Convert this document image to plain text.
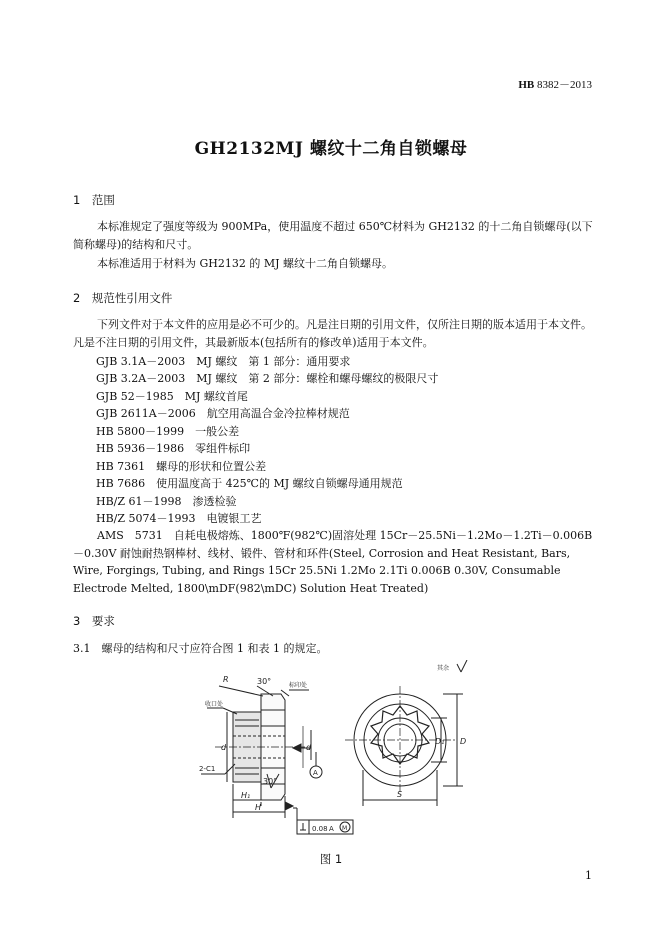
HB 8382－2013
GH2132MJ 螺纹十二角自锁螺母
1　范围
本标准规定了强度等级为 900MPa，使用温度不超过 650℃材料为 GH2132 的十二角自锁螺母(以下简称螺母)的结构和尺寸。
本标准适用于材料为 GH2132 的 MJ 螺纹十二角自锁螺母。
2　规范性引用文件
下列文件对于本文件的应用是必不可少的。凡是注日期的引用文件，仅所注日期的版本适用于本文件。凡是不注日期的引用文件，其最新版本(包括所有的修改单)适用于本文件。
GJB 3.1A－2003　MJ 螺纹　第 1 部分：通用要求
GJB 3.2A－2003　MJ 螺纹　第 2 部分：螺栓和螺母螺纹的极限尺寸
GJB 52－1985　MJ 螺纹首尾
GJB 2611A－2006　航空用高温合金冷拉棒材规范
HB 5800－1999　一般公差
HB 5936－1986　零组件标印
HB 7361　螺母的形状和位置公差
HB 7686　使用温度高于 425℃的 MJ 螺纹自锁螺母通用规范
HB/Z 61－1998　渗透检验
HB/Z 5074－1993　电镀银工艺
AMS　5731　自耗电极熔炼、1800℉(982℃)固溶处理 15Cr－25.5Ni－1.2Mo－1.2Ti－0.006B－0.30V 耐蚀耐热钢棒材、线材、锻件、管材和环件(Steel, Corrosion and Heat Resistant, Bars, Wire, Forgings, Tubing, and Rings 15Cr 25.5Ni 1.2Mo 2.1Ti 0.006B 0.30V, Consumable Electrode Melted, 1800\mDF(982\mDC) Solution Heat Treated)
3　要求
3.1　螺母的结构和尺寸应符合图 1 和表 1 的规定。
R	30°	标印处
收口处
d	d
2-C1
30°
H₁
H
A
0.08 A M
其余
S
D₁ D
图 1
1
